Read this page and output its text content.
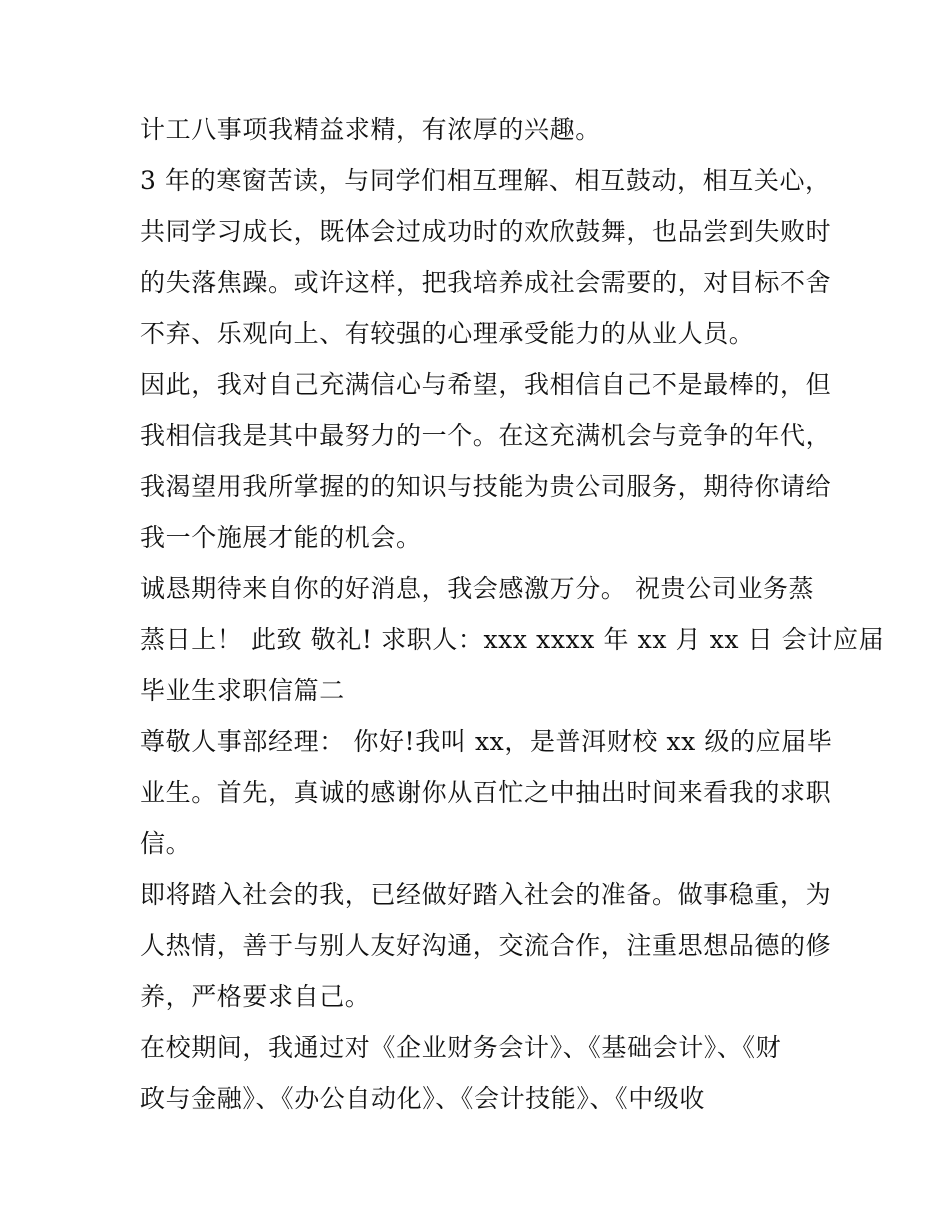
计工八事项我精益求精，有浓厚的兴趣。
3 年的寒窗苦读，与同学们相互理解、相互鼓动，相互关心，
共同学习成长，既体会过成功时的欢欣鼓舞，也品尝到失败时
的失落焦躁。或许这样，把我培养成社会需要的，对目标不舍
不弃、乐观向上、有较强的心理承受能力的从业人员。
因此，我对自己充满信心与希望，我相信自己不是最棒的，但
我相信我是其中最努力的一个。在这充满机会与竞争的年代，
我渴望用我所掌握的的知识与技能为贵公司服务，期待你请给
我一个施展才能的机会。
诚恳期待来自你的好消息，我会感激万分。 祝贵公司业务蒸
蒸日上！ 此致 敬礼! 求职人：xxx xxxx 年 xx 月 xx 日 会计应届
毕业生求职信篇二
尊敬人事部经理： 你好!我叫 xx，是普洱财校 xx 级的应届毕
业生。首先，真诚的感谢你从百忙之中抽出时间来看我的求职
信。
即将踏入社会的我，已经做好踏入社会的准备。做事稳重，为
人热情，善于与别人友好沟通，交流合作，注重思想品德的修
养，严格要求自己。
在校期间，我通过对《企业财务会计》、《基础会计》、《财
政与金融》、《办公自动化》、《会计技能》、《中级收
